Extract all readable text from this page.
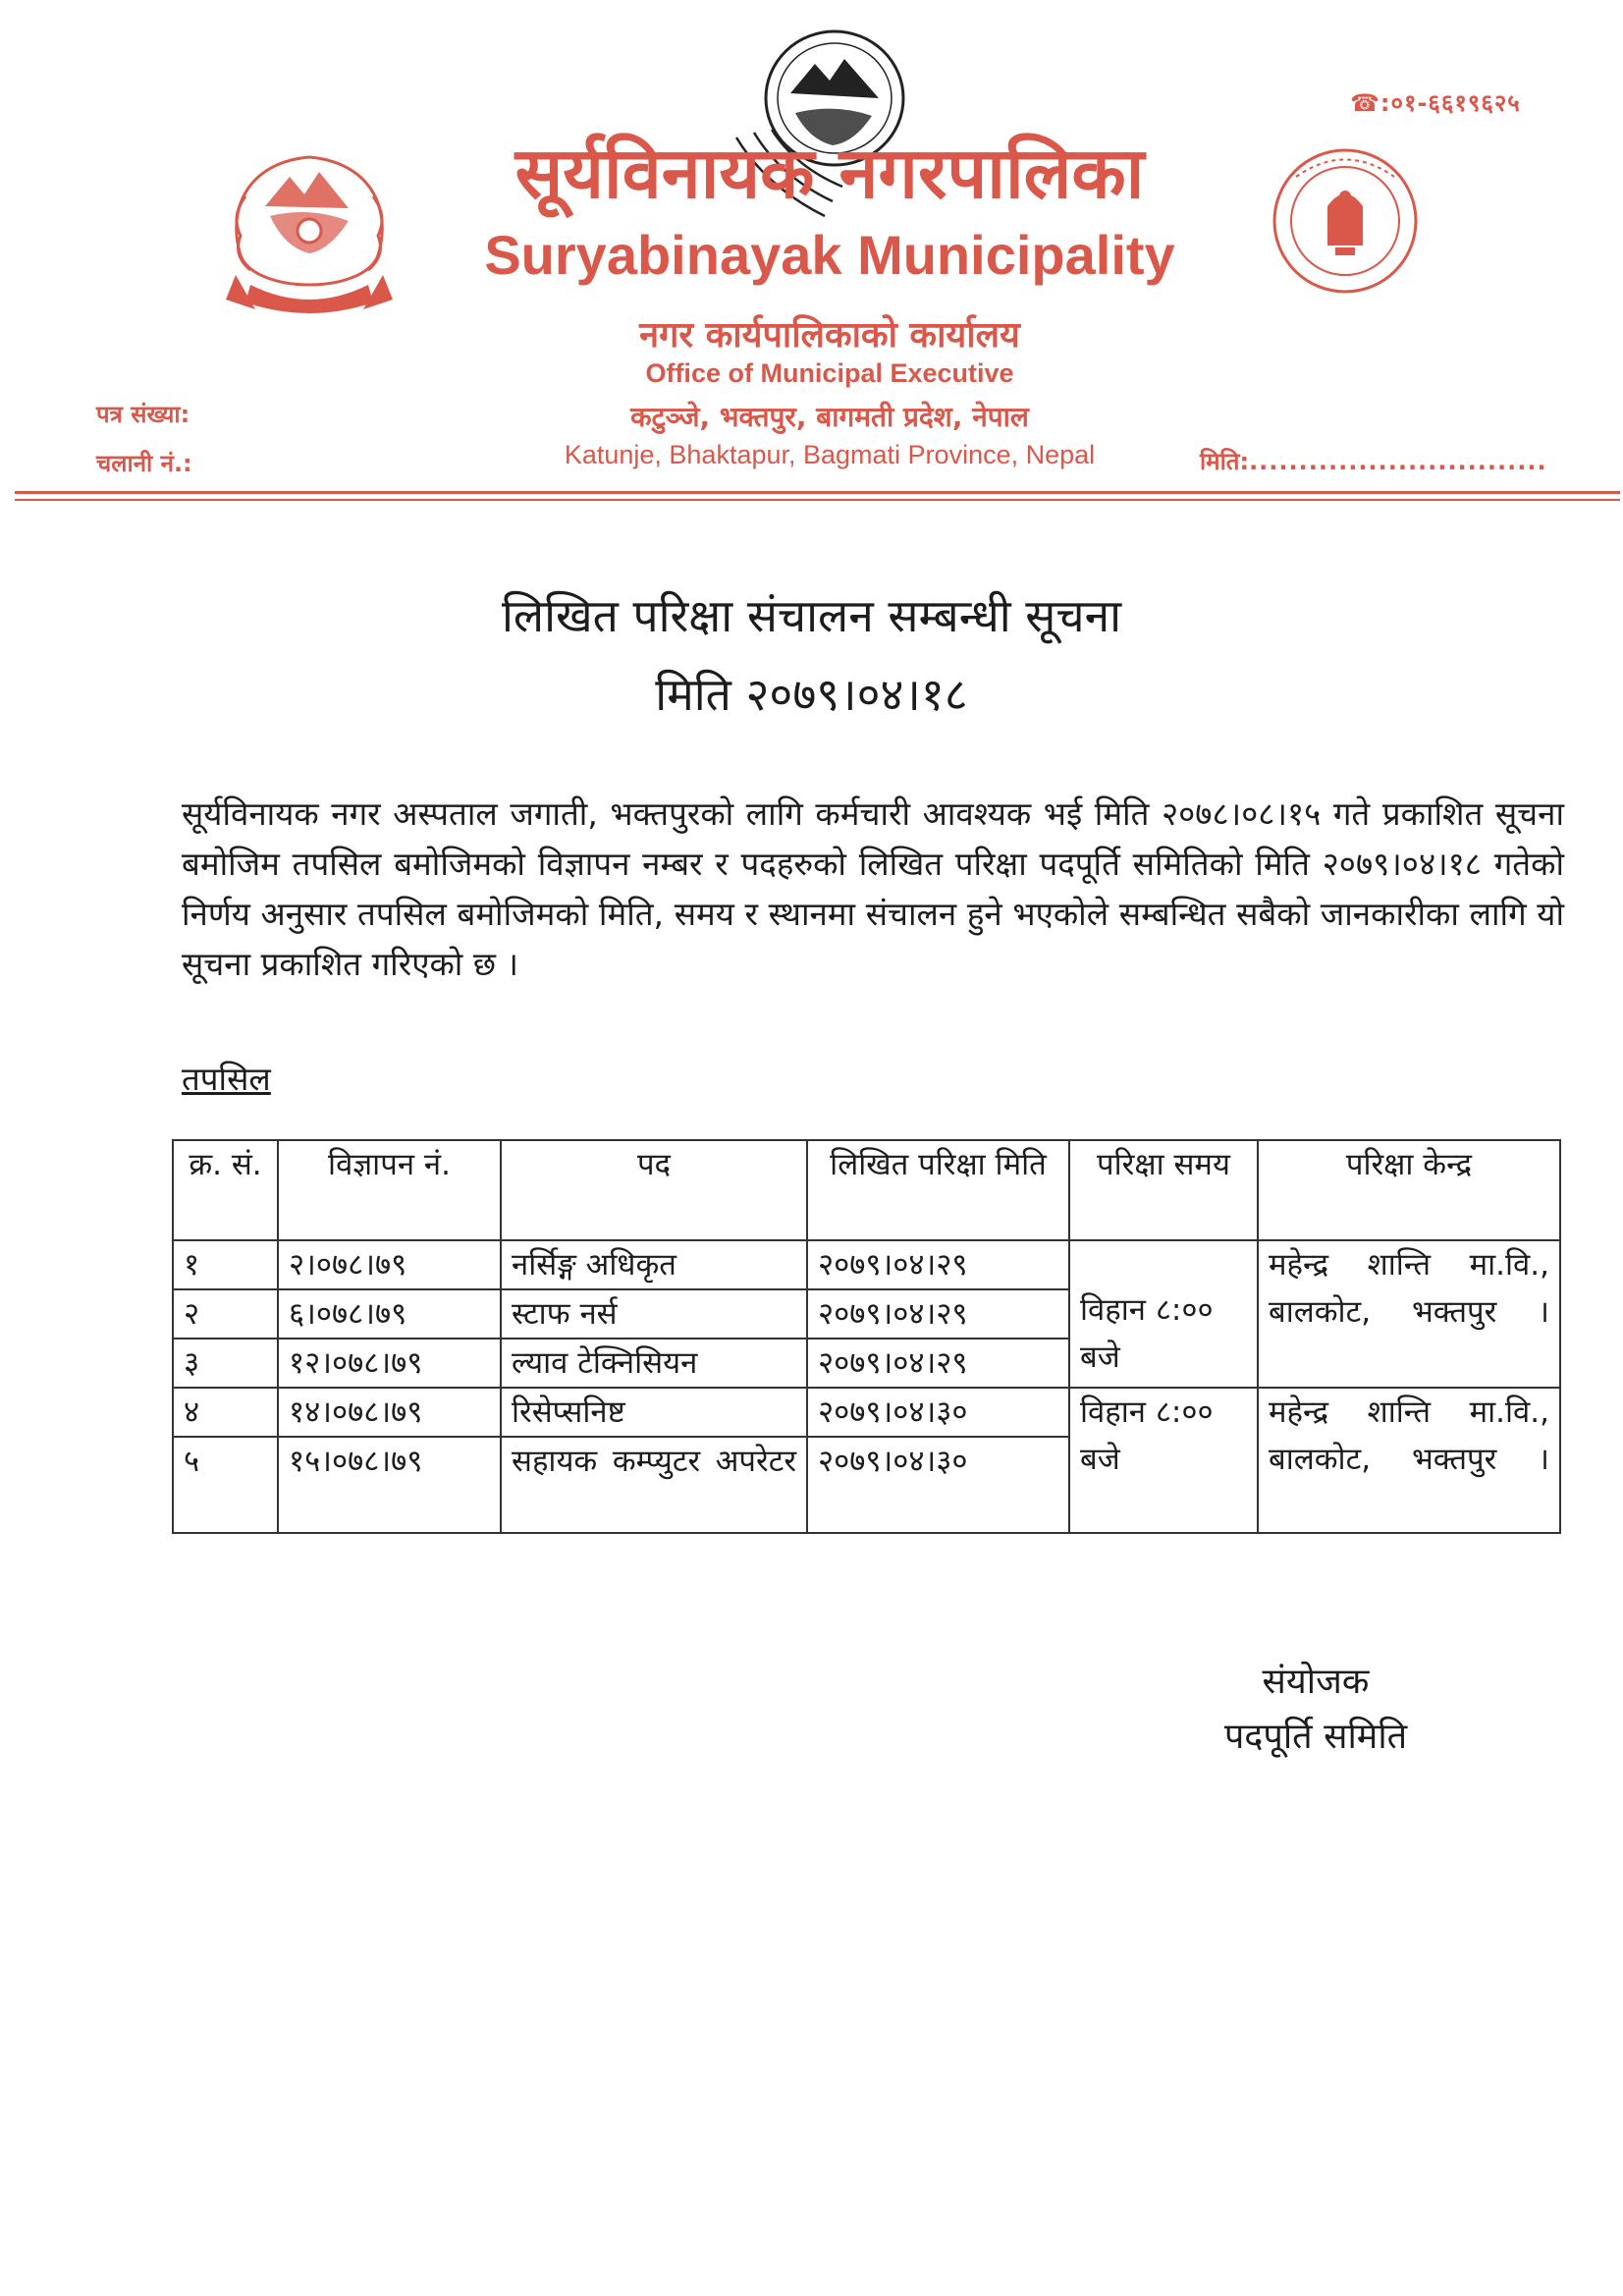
☎:०१-६६१९६२५
सूर्यविनायक नगरपालिका
Suryabinayak Municipality
नगर कार्यपालिकाको कार्यालय
Office of Municipal Executive
कटुञ्जे, भक्तपुर, बागमती प्रदेश, नेपाल
Katunje, Bhaktapur, Bagmati Province, Nepal
पत्र संख्या:
चलानी नं.:	मिति:..............................
लिखित परिक्षा संचालन सम्बन्धी सूचना
मिति २०७९।०४।१८
सूर्यविनायक नगर अस्पताल जगाती, भक्तपुरको लागि कर्मचारी आवश्यक भई मिति २०७८।०८।१५ गते प्रकाशित सूचना बमोजिम तपसिल बमोजिमको विज्ञापन नम्बर र पदहरुको लिखित परिक्षा पदपूर्ति समितिको मिति २०७९।०४।१८ गतेको निर्णय अनुसार तपसिल बमोजिमको मिति, समय र स्थानमा संचालन हुने भएकोले सम्बन्धित सबैको जानकारीका लागि यो सूचना प्रकाशित गरिएको छ ।
तपसिल
क्र. सं.	विज्ञापन नं.	पद	लिखित परिक्षा मिति	परिक्षा समय	परिक्षा केन्द्र
१	२।०७८।७९	नर्सिङ्ग अधिकृत	२०७९।०४।२९	विहान ८:०० बजे	महेन्द्र शान्ति मा.वि., बालकोट, भक्तपुर ।
२	६।०७८।७९	स्टाफ नर्स	२०७९।०४।२९		
३	१२।०७८।७९	ल्याव टेक्निसियन	२०७९।०४।२९		
४	१४।०७८।७९	रिसेप्सनिष्ट	२०७९।०४।३०	विहान ८:०० बजे	महेन्द्र शान्ति मा.वि., बालकोट, भक्तपुर ।
५	१५।०७८।७९	सहायक कम्प्युटर अपरेटर	२०७९।०४।३०		
संयोजक
पदपूर्ति समिति
